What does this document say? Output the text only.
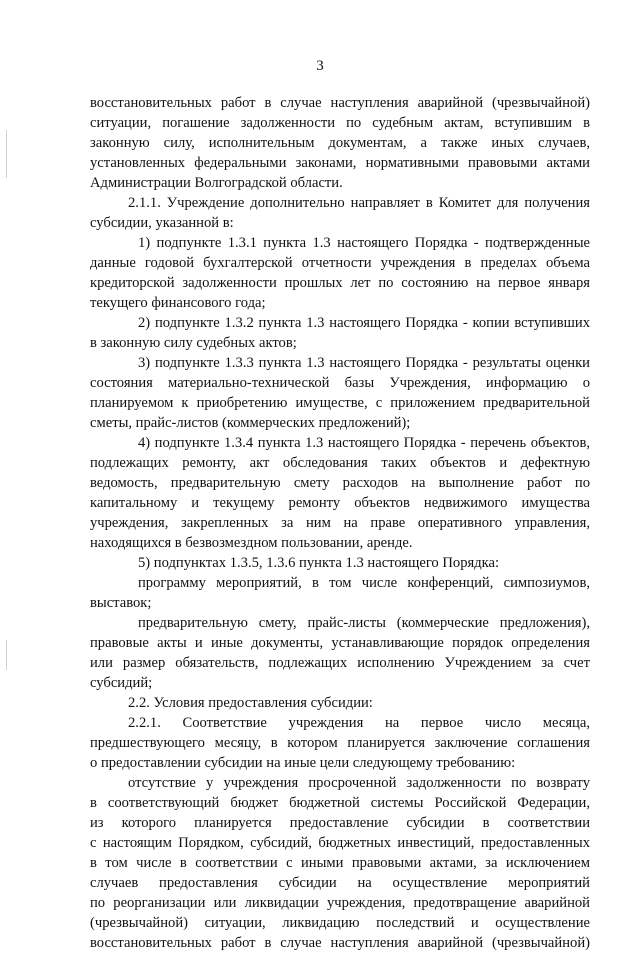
3
восстановительных работ в случае наступления аварийной (чрезвычайной)
ситуации, погашение задолженности по судебным актам, вступившим в
законную силу, исполнительным документам, а также иных случаев,
установленных федеральными законами, нормативными правовыми актами
Администрации Волгоградской области.
2.1.1. Учреждение дополнительно направляет в Комитет для получения
субсидии, указанной в:
1) подпункте 1.3.1 пункта 1.3 настоящего Порядка - подтвержденные
данные годовой бухгалтерской отчетности учреждения в пределах объема
кредиторской задолженности прошлых лет по состоянию на первое января
текущего финансового года;
2) подпункте 1.3.2 пункта 1.3 настоящего Порядка - копии вступивших
в законную силу судебных актов;
3) подпункте 1.3.3 пункта 1.3 настоящего Порядка - результаты оценки
состояния материально-технической базы Учреждения, информацию о
планируемом к приобретению имуществе, с приложением предварительной
сметы, прайс-листов (коммерческих предложений);
4) подпункте 1.3.4 пункта 1.3 настоящего Порядка - перечень объектов,
подлежащих ремонту, акт обследования таких объектов и дефектную
ведомость, предварительную смету расходов на выполнение работ по
капитальному и текущему ремонту объектов недвижимого имущества
учреждения, закрепленных за ним на праве оперативного управления,
находящихся в безвозмездном пользовании, аренде.
5) подпунктах 1.3.5, 1.3.6 пункта 1.3 настоящего Порядка:
программу мероприятий, в том числе конференций, симпозиумов,
выставок;
предварительную смету, прайс-листы (коммерческие предложения),
правовые акты и иные документы, устанавливающие порядок определения
или размер обязательств, подлежащих исполнению Учреждением за счет
субсидий;
2.2. Условия предоставления субсидии:
2.2.1. Соответствие учреждения на первое число месяца,
предшествующего месяцу, в котором планируется заключение соглашения
о предоставлении субсидии на иные цели следующему требованию:
отсутствие у учреждения просроченной задолженности по возврату
в соответствующий бюджет бюджетной системы Российской Федерации,
из которого планируется предоставление субсидии в соответствии
с настоящим Порядком, субсидий, бюджетных инвестиций, предоставленных
в том числе в соответствии с иными правовыми актами, за исключением
случаев предоставления субсидии на осуществление мероприятий
по реорганизации или ликвидации учреждения, предотвращение аварийной
(чрезвычайной) ситуации, ликвидацию последствий и осуществление
восстановительных работ в случае наступления аварийной (чрезвычайной)
